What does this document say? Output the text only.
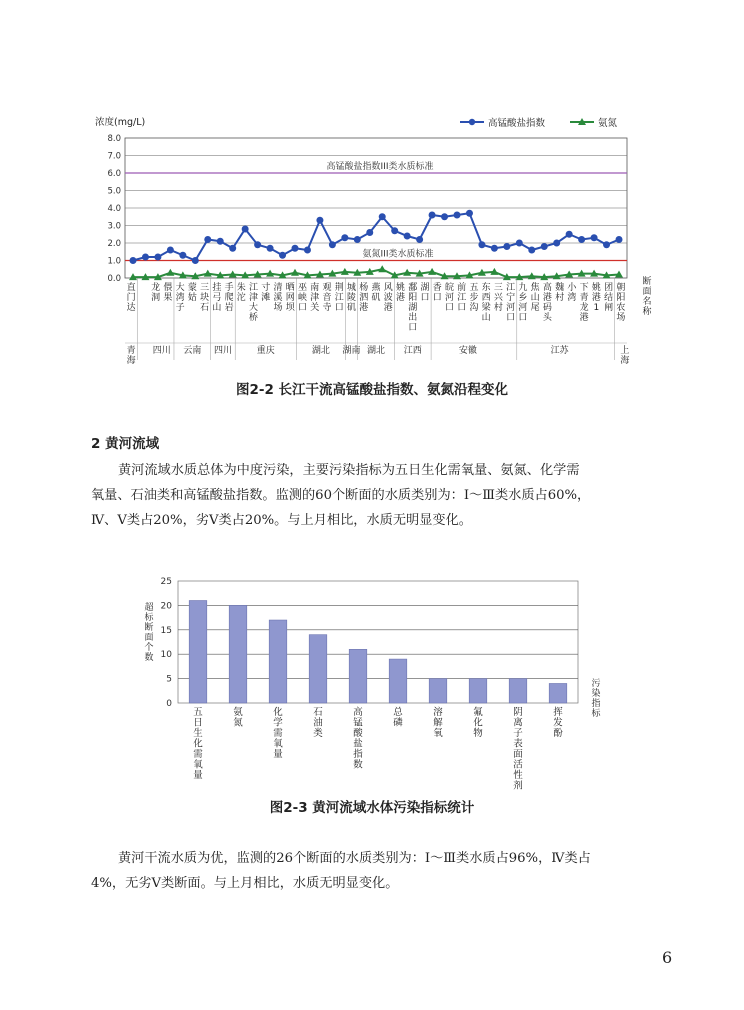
浓度(mg/L)
0.0
1.0
2.0
3.0
4.0
5.0
6.0
7.0
8.0
高锰酸盐指数III类水质标准
氨氮III类水质标准
高锰酸盐指数	氨氮
直门达
龙洞
偎果
大湾子
蒙姑
三块石
挂弓山
手爬岩
朱沱
江津大桥
寸滩
清溪场
晒网坝
巫峡口
南津关
观音寺
荆江口
城陵矶
杨泗港
燕矶
风波港
姚港
鄱阳湖出口
湖口
香口
皖河口
前江口
五步沟
东西梁山
三兴村
江宁河口
九乡河口
焦山尾
高港码头
魏村
小湾
下青龙港
姚港 1
团结闸
朝阳农场
青海
四川 云南 四川	重庆	湖北 湖南 湖北 江西	安徽	江苏	上海
断面名称
图2-2 长江干流高锰酸盐指数、氨氮沿程变化
2 黄河流域
黄河流域水质总体为中度污染，主要污染指标为五日生化需氧量、氨氮、化学需
氧量、石油类和高锰酸盐指数。监测的60个断面的水质类别为：Ⅰ～Ⅲ类水质占60%，
Ⅳ、Ⅴ类占20%，劣Ⅴ类占20%。与上月相比，水质无明显变化。
0
5
10
15
20
25
超标断面个数
污染指标
五日生化需氧量
氨氮
化学需氧量
石油类
高锰酸盐指数
总磷
溶解氧
氟化物
阴离子表面活性剂
挥发酚
图2-3 黄河流域水体污染指标统计
黄河干流水质为优，监测的26个断面的水质类别为：Ⅰ～Ⅲ类水质占96%，Ⅳ类占
4%，无劣Ⅴ类断面。与上月相比，水质无明显变化。
6
